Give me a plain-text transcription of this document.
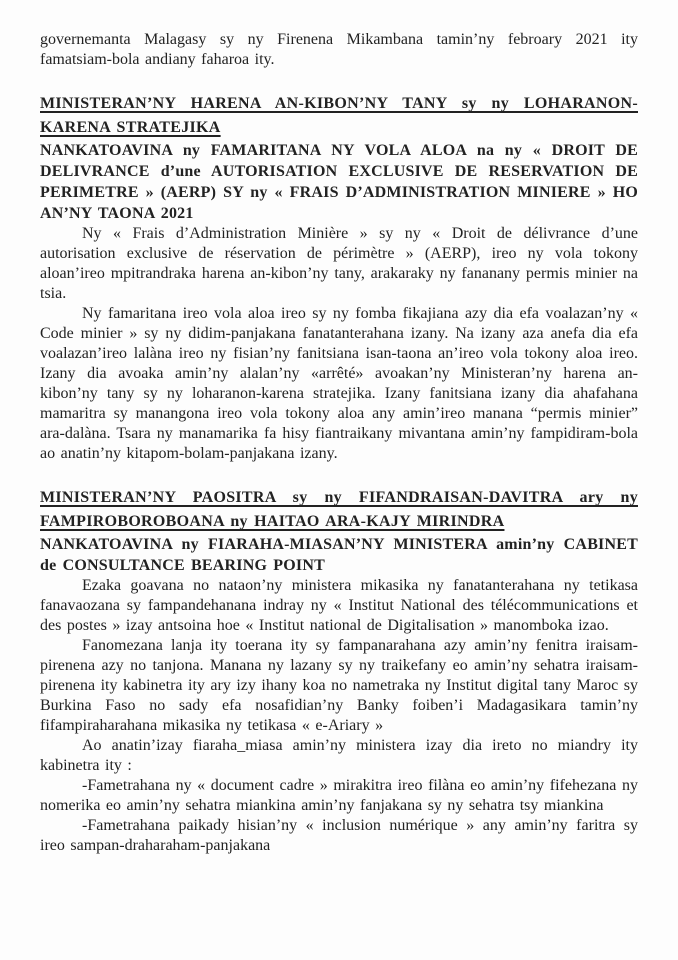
governemanta Malagasy sy ny Firenena Mikambana tamin’ny febroary 2021 ity famatsiam-bola andiany faharoa ity.

MINISTERAN’NY HARENA AN-KIBON’NY TANY sy ny LOHARANON-KARENA STRATEJIKA
NANKATOAVINA ny FAMARITANA NY VOLA ALOA na ny « DROIT DE DELIVRANCE d’une AUTORISATION EXCLUSIVE DE RESERVATION DE PERIMETRE » (AERP) SY ny « FRAIS D’ADMINISTRATION MINIERE » HO AN’NY TAONA 2021

Ny « Frais d’Administration Minière » sy ny « Droit de délivrance d’une autorisation exclusive de réservation de périmètre » (AERP), ireo ny vola tokony aloan’ireo mpitrandraka harena an-kibon’ny tany, arakaraky ny fananany permis minier na tsia.

Ny famaritana ireo vola aloa ireo sy ny fomba fikajiana azy dia efa voalazan’ny « Code minier » sy ny didim-panjakana fanatanterahana izany. Na izany aza anefa dia efa voalazan’ireo lalàna ireo ny fisian’ny fanitsiana isan-taona an’ireo vola tokony aloa ireo. Izany dia avoaka amin’ny alalan’ny «arrêté» avoakan’ny Ministeran’ny harena an-kibon’ny tany sy ny loharanon-karena stratejika. Izany fanitsiana izany dia ahafahana mamaritra sy manangona ireo vola tokony aloa any amin’ireo manana “permis minier” ara-dalàna. Tsara ny manamarika fa hisy fiantraikany mivantana amin’ny fampidiram-bola ao anatin’ny kitapom-bolam-panjakana izany.

MINISTERAN’NY PAOSITRA sy ny FIFANDRAISAN-DAVITRA ary ny FAMPIROBOROBOANA ny HAITAO ARA-KAJY MIRINDRA
NANKATOAVINA ny FIARAHA-MIASAN’NY MINISTERA amin’ny CABINET de CONSULTANCE BEARING POINT

Ezaka goavana no nataon’ny ministera mikasika ny fanatanterahana ny tetikasa fanavaozana sy fampandehanana indray ny « Institut National des télécommunications et des postes » izay antsoina hoe « Institut national de Digitalisation » manomboka izao.

Fanomezana lanja ity toerana ity sy fampanarahana azy amin’ny fenitra iraisam-pirenena azy no tanjona. Manana ny lazany sy ny traikefany eo amin’ny sehatra iraisam-pirenena ity kabinetra ity ary izy ihany koa no nametraka ny Institut digital tany Maroc sy Burkina Faso no sady efa nosafidian’ny Banky foiben’i Madagasikara tamin’ny fifampiraharahana mikasika ny tetikasa « e-Ariary »

Ao anatin’izay fiaraha_miasa amin’ny ministera izay dia ireto no miandry ity kabinetra ity :

-Fametrahana ny « document cadre » mirakitra ireo filàna eo amin’ny fifehezana ny nomerika eo amin’ny sehatra miankina amin’ny fanjakana sy ny sehatra tsy miankina

-Fametrahana paikady hisian’ny « inclusion numérique » any amin’ny faritra sy ireo sampan-draharaham-panjakana
